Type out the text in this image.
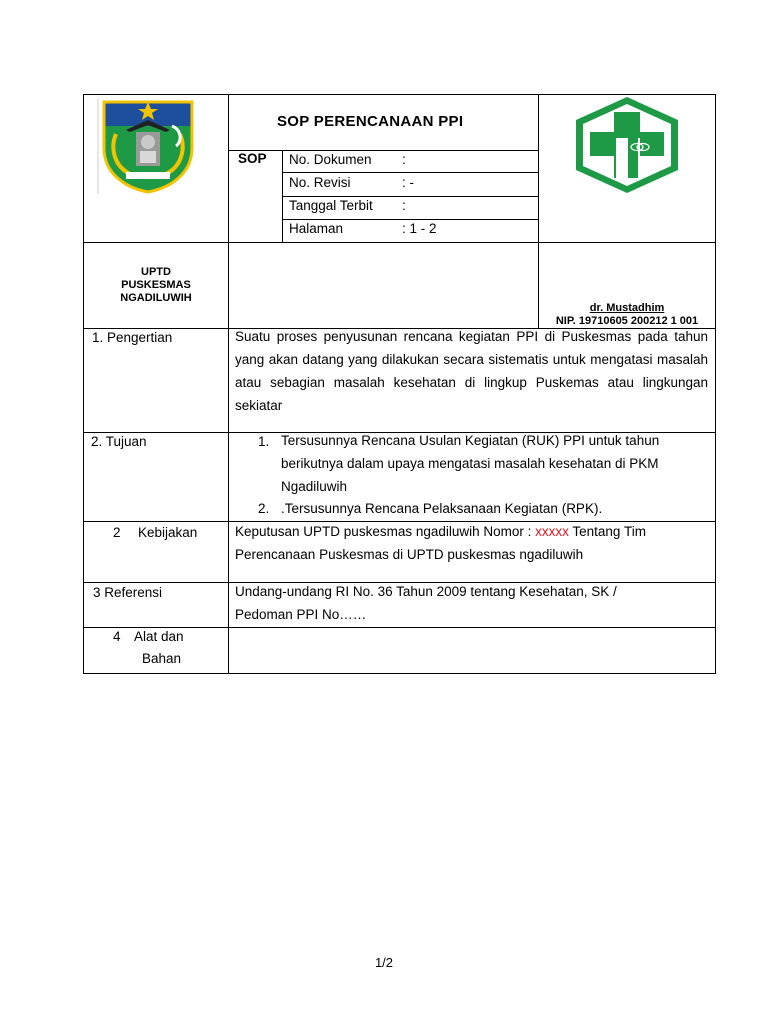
SOP PERENCANAAN PPI
SOP No. Dokumen :
No. Revisi	: -
Tanggal Terbit :
Halaman	: 1 - 2
UPTD
PUSKESMAS
NGADILUWIH
dr. Mustadhim
NIP. 19710605 200212 1 001
1. Pengertian	Suatu proses penyusunan rencana kegiatan PPI di Puskesmas pada tahun yang akan datang yang dilakukan secara sistematis untuk mengatasi masalah atau sebagian masalah kesehatan di lingkup Puskemas atau lingkungan sekiatar
2. Tujuan	1. Tersusunnya Rencana Usulan Kegiatan (RUK) PPI untuk tahun berikutnya dalam upaya mengatasi masalah kesehatan di PKM Ngadiluwih
2. .Tersusunnya Rencana Pelaksanaan Kegiatan (RPK).
2 Kebijakan	Keputusan UPTD puskesmas ngadiluwih Nomor : xxxxx Tentang Tim Perencanaan Puskesmas di UPTD puskesmas ngadiluwih
3 Referensi	Undang-undang RI No. 36 Tahun 2009 tentang Kesehatan, SK / Pedoman PPI No……
4 Alat dan
Bahan
1/2
